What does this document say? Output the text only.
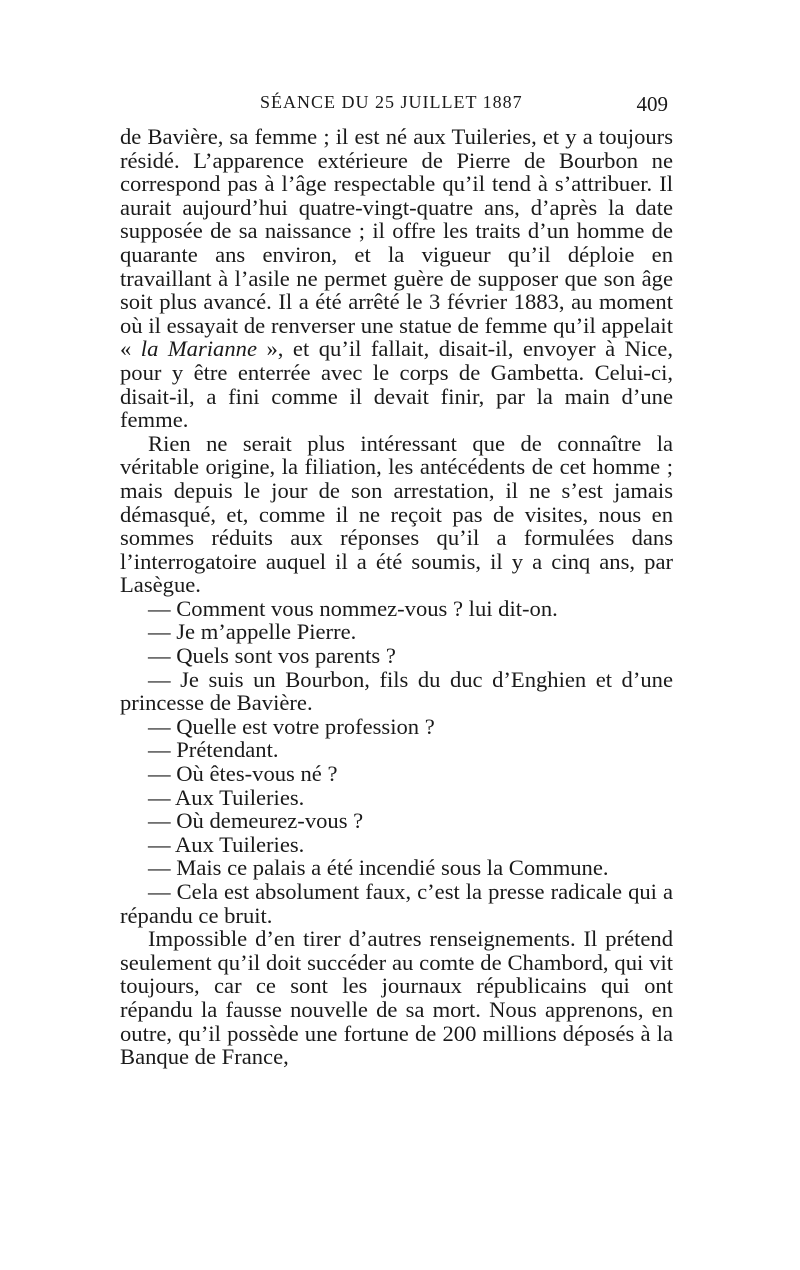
SÉANCE DU 25 JUILLET 1887	409

de Bavière, sa femme ; il est né aux Tuileries, et y a toujours résidé. L’apparence extérieure de Pierre de Bourbon ne correspond pas à l’âge respectable qu’il tend à s’attribuer. Il aurait aujourd’hui quatre-vingt-quatre ans, d’après la date supposée de sa naissance ; il offre les traits d’un homme de quarante ans environ, et la vigueur qu’il déploie en travaillant à l’asile ne permet guère de supposer que son âge soit plus avancé. Il a été arrêté le 3 février 1883, au moment où il essayait de renverser une statue de femme qu’il appelait « la Marianne », et qu’il fallait, disait-il, envoyer à Nice, pour y être enterrée avec le corps de Gambetta. Celui-ci, disait-il, a fini comme il devait finir, par la main d’une femme.

Rien ne serait plus intéressant que de connaître la véritable origine, la filiation, les antécédents de cet homme ; mais depuis le jour de son arrestation, il ne s’est jamais démasqué, et, comme il ne reçoit pas de visites, nous en sommes réduits aux réponses qu’il a formulées dans l’interrogatoire auquel il a été soumis, il y a cinq ans, par Lasègue.

— Comment vous nommez-vous ? lui dit-on.

— Je m’appelle Pierre.

— Quels sont vos parents ?

— Je suis un Bourbon, fils du duc d’Enghien et d’une princesse de Bavière.

— Quelle est votre profession ?

— Prétendant.

— Où êtes-vous né ?

— Aux Tuileries.

— Où demeurez-vous ?

— Aux Tuileries.

— Mais ce palais a été incendié sous la Commune.

— Cela est absolument faux, c’est la presse radicale qui a répandu ce bruit.

Impossible d’en tirer d’autres renseignements. Il prétend seulement qu’il doit succéder au comte de Chambord, qui vit toujours, car ce sont les journaux républicains qui ont répandu la fausse nouvelle de sa mort. Nous apprenons, en outre, qu’il possède une fortune de 200 millions déposés à la Banque de France,
